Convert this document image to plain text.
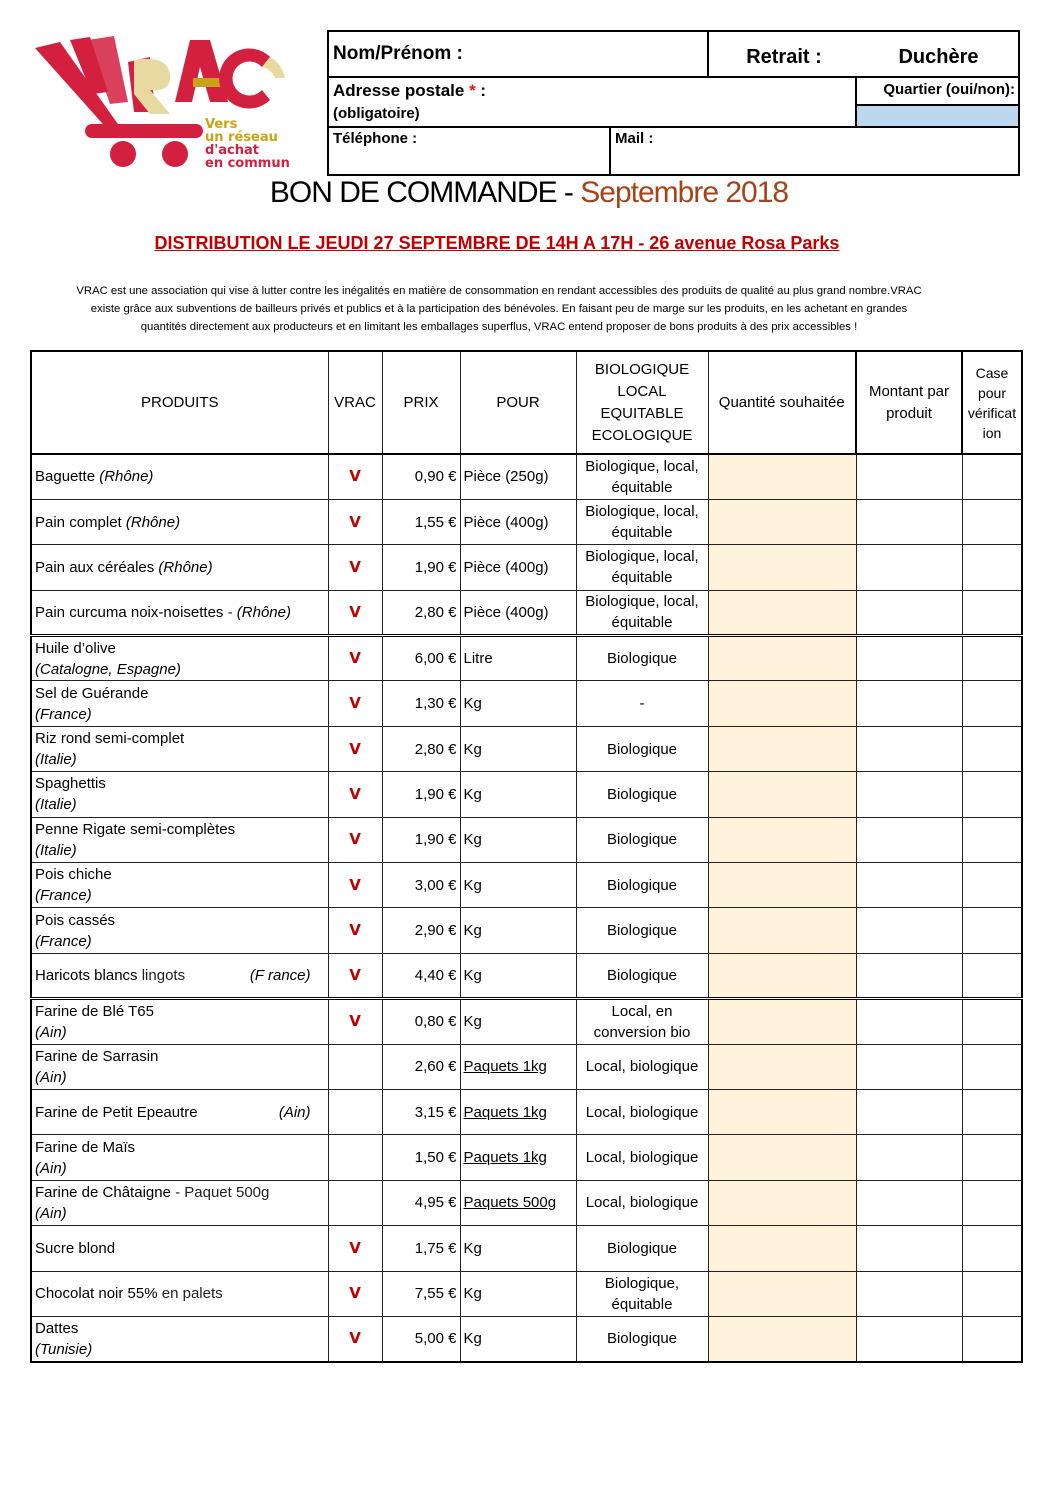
Vers
un réseau
d'achat
en commun
Nom/Prénom :	Retrait :	Duchère
Adresse postale * :
(obligatoire)
Quartier (oui/non):
Téléphone :	Mail :
BON DE COMMANDE - Septembre 2018
DISTRIBUTION LE JEUDI 27 SEPTEMBRE DE 14H A 17H - 26 avenue Rosa Parks
VRAC est une association qui vise à lutter contre les inégalités en matière de consommation en rendant accessibles des produits de qualité au plus grand nombre.VRAC
existe grâce aux subventions de bailleurs privés et publics et à la participation des bénévoles. En faisant peu de marge sur les produits, en les achetant en grandes
quantités directement aux producteurs et en limitant les emballages superflus, VRAC entend proposer de bons produits à des prix accessibles !
PRODUITS	VRAC	PRIX	POUR	
BIOLOGIQUE
LOCAL
EQUITABLE
ECOLOGIQUE
	Quantité souhaitée	
Montant par
produit

Case
pour
vérificat
ion

Baguette (Rhône)	V	0,90 €	Pièce (250g)	Biologique, local, équitable			
Pain complet (Rhône)	V	1,55 €	Pièce (400g)	Biologique, local, équitable			
Pain aux céréales (Rhône)	V	1,90 €	Pièce (400g)	Biologique, local, équitable			
Pain curcuma noix-noisettes - (Rhône)	V	2,80 €	Pièce (400g)	Biologique, local, équitable			

Huile d’olive
(Catalogne, Espagne)	V	6,00 €	Litre	Biologique			

Sel de Guérande
(France)	V	1,30 €	Kg	-			

Riz rond semi-complet
(Italie)	V	2,80 €	Kg	Biologique			

Spaghettis
(Italie)	V	1,90 €	Kg	Biologique			

Penne Rigate semi-complètes
(Italie)	V	1,90 €	Kg	Biologique			

Pois chiche
(France)	V	3,00 €	Kg	Biologique			

Pois cassés
(France)	V	2,90 €	Kg	Biologique			

Haricots blancs lingots (F rance)	V	4,40 €	Kg	Biologique			

Farine de Blé T65
(Ain)	V	0,80 €	Kg	Local, en conversion bio			

Farine de Sarrasin
(Ain)		2,60 €	Paquets 1kg	Local, biologique			

Farine de Petit Epeautre (Ain)		3,15 €	Paquets 1kg	Local, biologique			

Farine de Maïs
(Ain)		1,50 €	Paquets 1kg	Local, biologique			

Farine de Châtaigne - Paquet 500g
(Ain)		4,95 €	Paquets 500g	Local, biologique			
Sucre blond	V	1,75 €	Kg	Biologique			
Chocolat noir 55% en palets	V	7,55 €	Kg	Biologique, équitable			

Dattes
(Tunisie)	V	5,00 €	Kg	Biologique			
